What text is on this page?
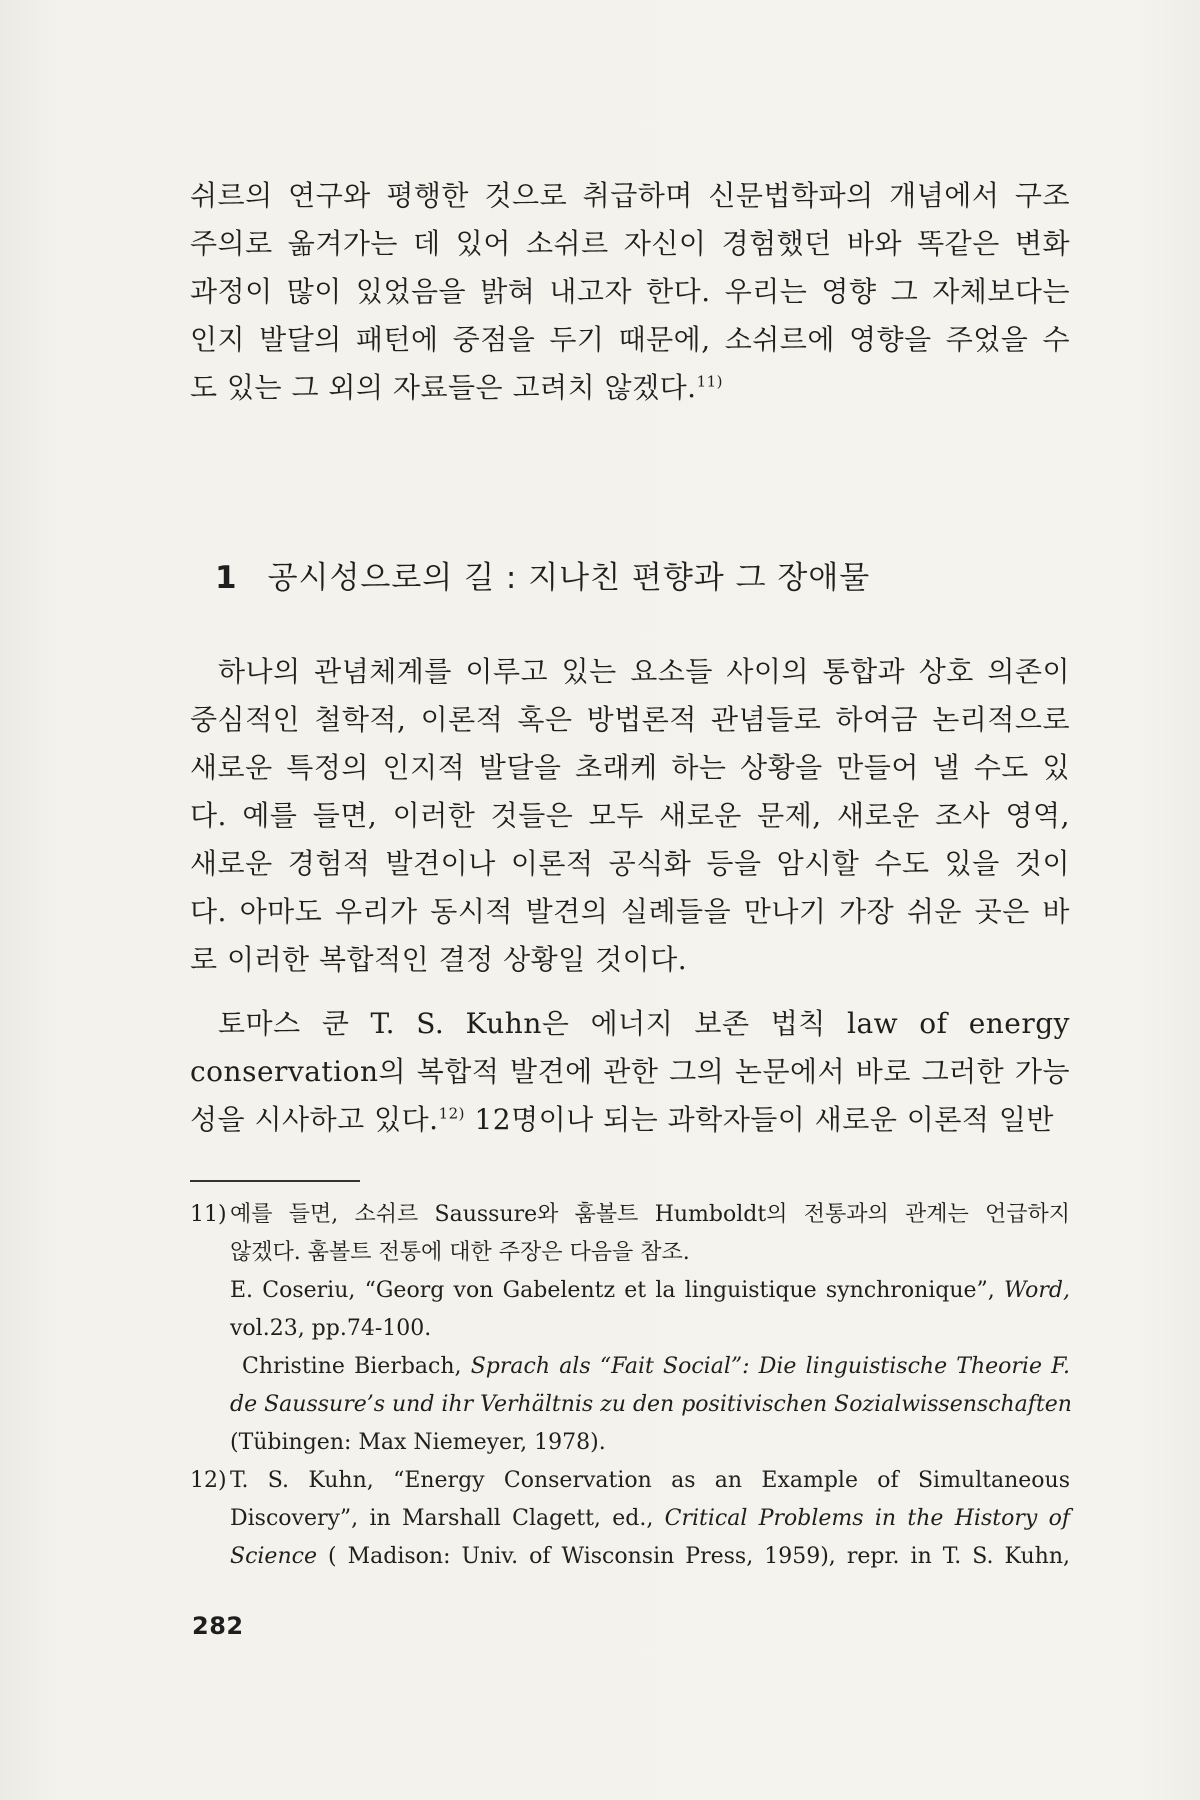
쉬르의 연구와 평행한 것으로 취급하며 신문법학파의 개념에서 구조
주의로 옮겨가는 데 있어 소쉬르 자신이 경험했던 바와 똑같은 변화
과정이 많이 있었음을 밝혀 내고자 한다. 우리는 영향 그 자체보다는
인지 발달의 패턴에 중점을 두기 때문에, 소쉬르에 영향을 주었을 수
도 있는 그 외의 자료들은 고려치 않겠다.$^{11)}$

1 공시성으로의 길 : 지나친 편향과 그 장애물

하나의 관념체계를 이루고 있는 요소들 사이의 통합과 상호 의존이
중심적인 철학적, 이론적 혹은 방법론적 관념들로 하여금 논리적으로
새로운 특정의 인지적 발달을 초래케 하는 상황을 만들어 낼 수도 있
다. 예를 들면, 이러한 것들은 모두 새로운 문제, 새로운 조사 영역,
새로운 경험적 발견이나 이론적 공식화 등을 암시할 수도 있을 것이
다. 아마도 우리가 동시적 발견의 실례들을 만나기 가장 쉬운 곳은 바
로 이러한 복합적인 결정 상황일 것이다.

토마스 쿤 T. S. Kuhn은 에너지 보존 법칙 law of energy
conservation의 복합적 발견에 관한 그의 논문에서 바로 그러한 가능
성을 시사하고 있다.$^{12)}$ 12명이나 되는 과학자들이 새로운 이론적 일반

11) 예를 들면, 소쉬르 Saussure와 훔볼트 Humboldt의 전통과의 관계는 언급하지
않겠다. 훔볼트 전통에 대한 주장은 다음을 참조.
E. Coseriu, “Georg von Gabelentz et la linguistique synchronique”, Word,
vol.23, pp.74-100.
Christine Bierbach, Sprach als “Fait Social”: Die linguistische Theorie F.
de Saussure’s und ihr Verhältnis zu den positivischen Sozialwissenschaften
(Tübingen: Max Niemeyer, 1978).
12) T. S. Kuhn, “Energy Conservation as an Example of Simultaneous
Discovery”, in Marshall Clagett, ed., Critical Problems in the History of
Science ( Madison: Univ. of Wisconsin Press, 1959), repr. in T. S. Kuhn,
282
